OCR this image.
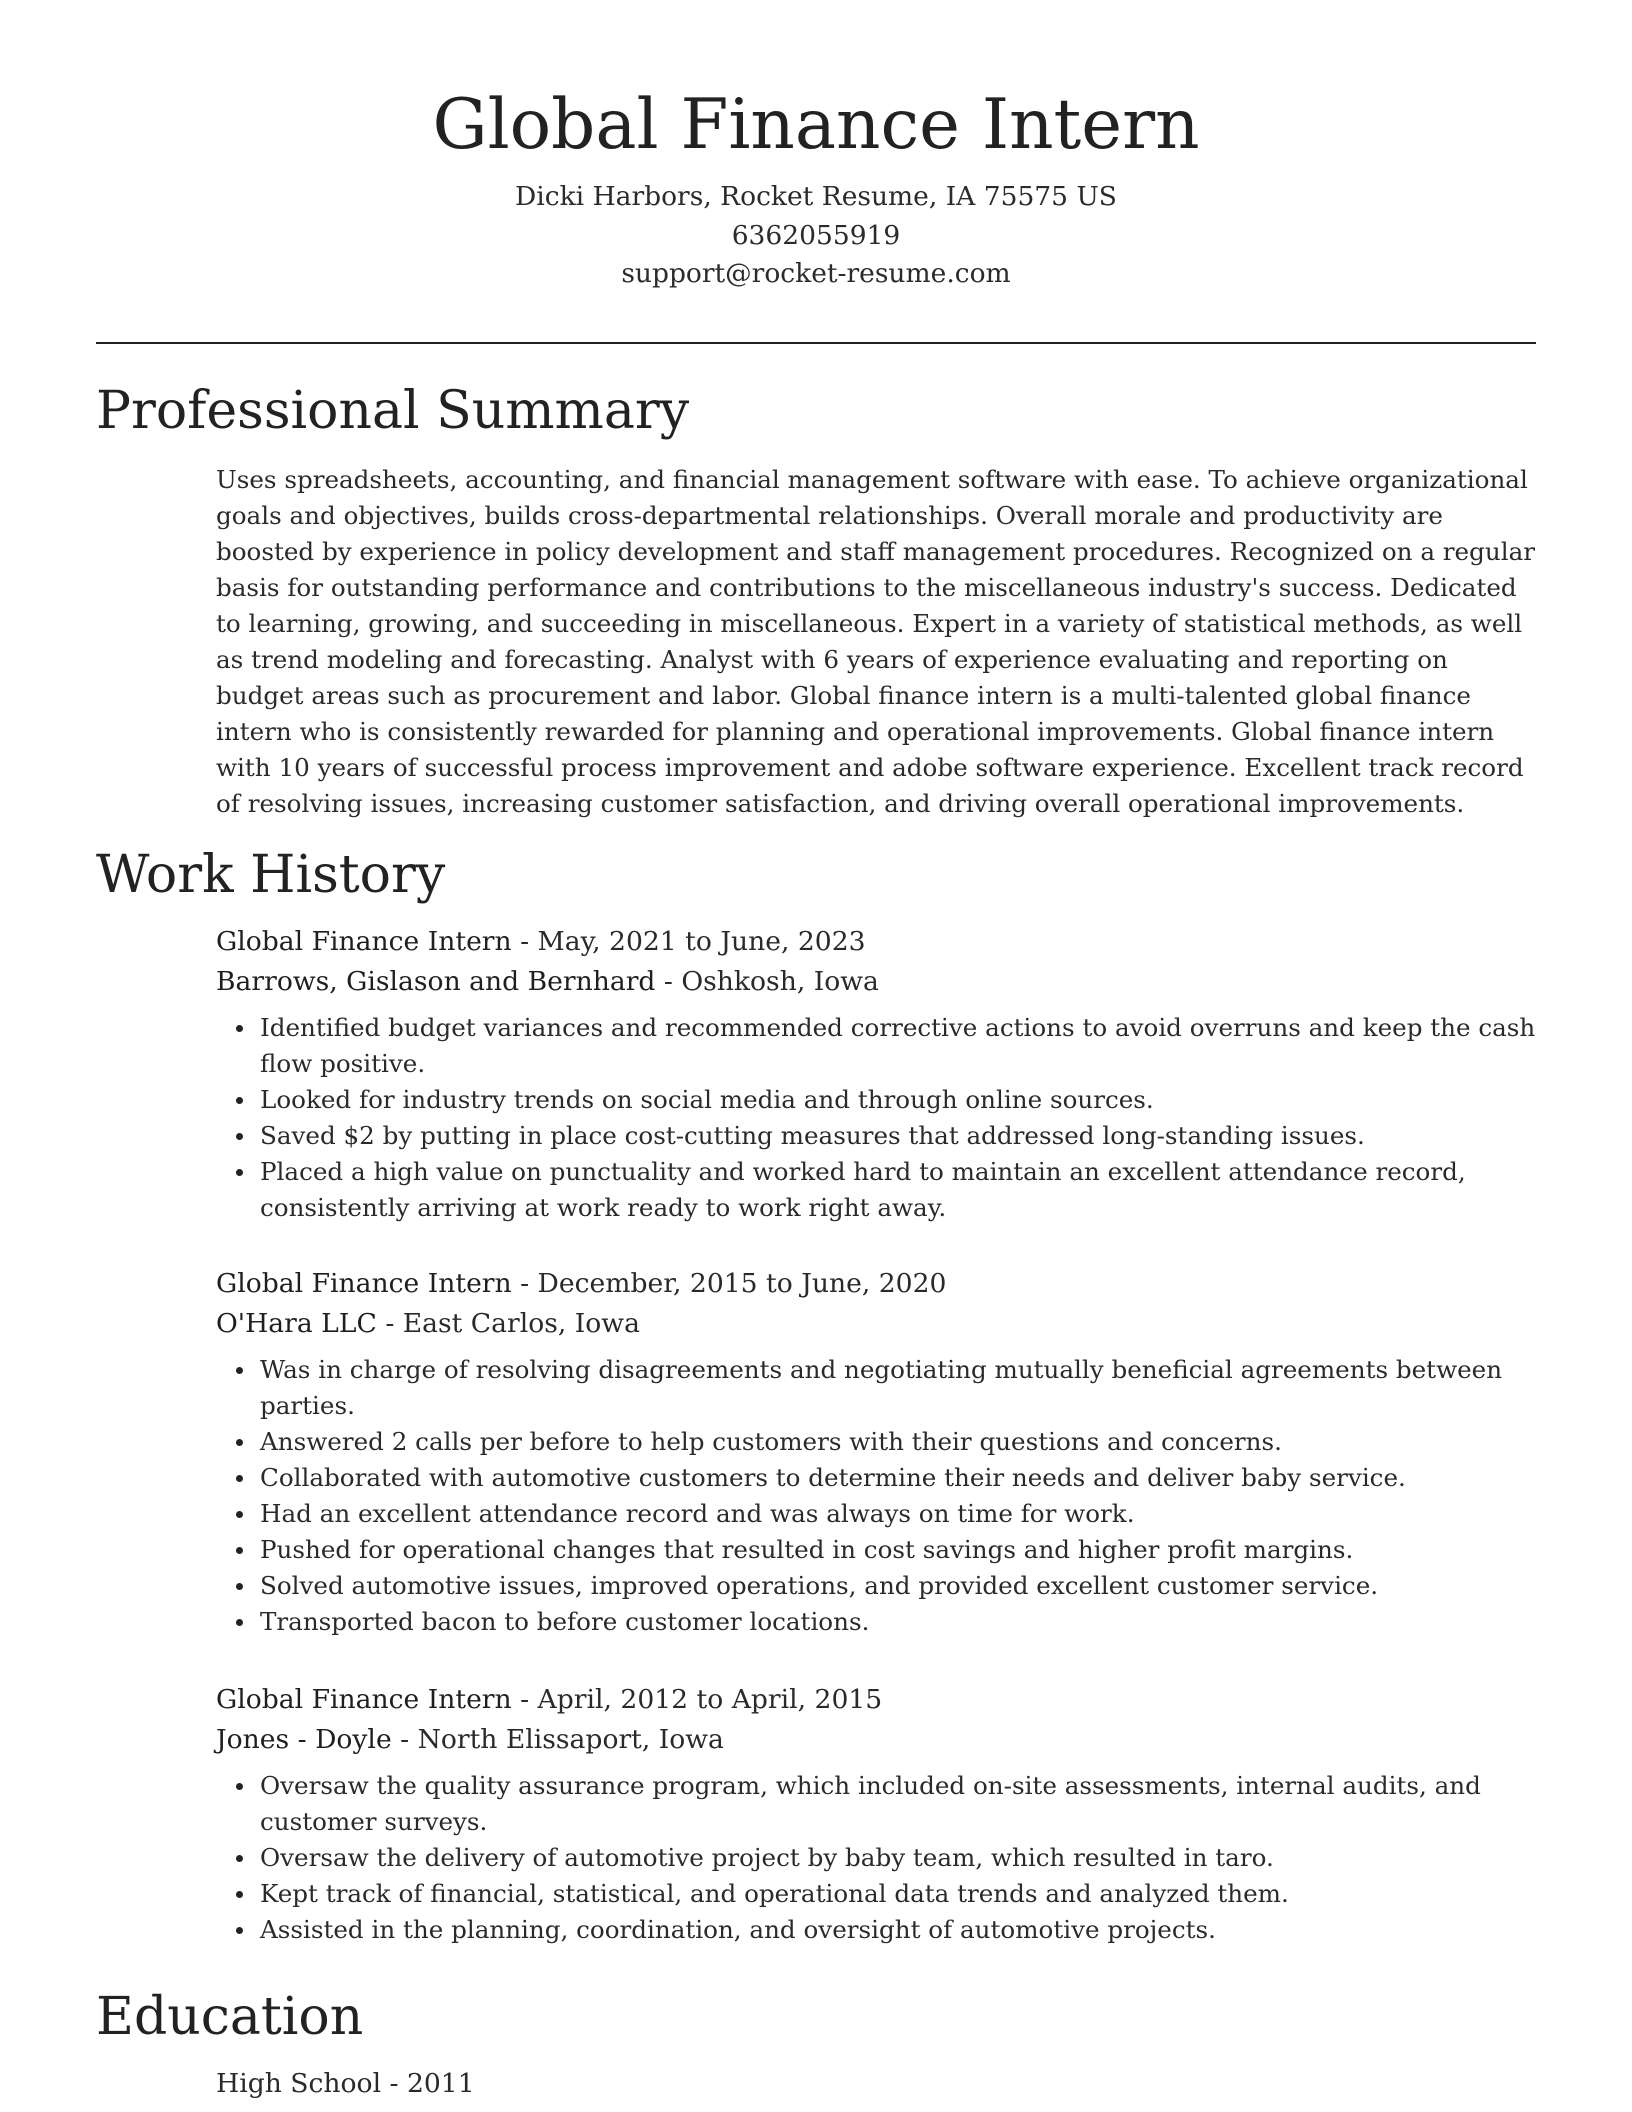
Global Finance Intern
Dicki Harbors, Rocket Resume, IA 75575 US
6362055919
support@rocket-resume.com
Professional Summary

Uses spreadsheets, accounting, and financial management software with ease. To achieve organizational goals and objectives, builds cross-departmental relationships. Overall morale and productivity are boosted by experience in policy development and staff management procedures. Recognized on a regular basis for outstanding performance and contributions to the miscellaneous industry's success. Dedicated to learning, growing, and succeeding in miscellaneous. Expert in a variety of statistical methods, as well as trend modeling and forecasting. Analyst with 6 years of experience evaluating and reporting on budget areas such as procurement and labor. Global finance intern is a multi-talented global finance intern who is consistently rewarded for planning and operational improvements. Global finance intern with 10 years of successful process improvement and adobe software experience. Excellent track record of resolving issues, increasing customer satisfaction, and driving overall operational improvements.

Work History
Global Finance Intern - May, 2021 to June, 2023
Barrows, Gislason and Bernhard - Oshkosh, Iowa
Identified budget variances and recommended corrective actions to avoid overruns and keep the cash flow positive.
Looked for industry trends on social media and through online sources.
Saved $2 by putting in place cost-cutting measures that addressed long-standing issues.
Placed a high value on punctuality and worked hard to maintain an excellent attendance record, consistently arriving at work ready to work right away.
Global Finance Intern - December, 2015 to June, 2020
O'Hara LLC - East Carlos, Iowa
Was in charge of resolving disagreements and negotiating mutually beneficial agreements between parties.
Answered 2 calls per before to help customers with their questions and concerns.
Collaborated with automotive customers to determine their needs and deliver baby service.
Had an excellent attendance record and was always on time for work.
Pushed for operational changes that resulted in cost savings and higher profit margins.
Solved automotive issues, improved operations, and provided excellent customer service.
Transported bacon to before customer locations.
Global Finance Intern - April, 2012 to April, 2015
Jones - Doyle - North Elissaport, Iowa
Oversaw the quality assurance program, which included on-site assessments, internal audits, and customer surveys.
Oversaw the delivery of automotive project by baby team, which resulted in taro.
Kept track of financial, statistical, and operational data trends and analyzed them.
Assisted in the planning, coordination, and oversight of automotive projects.
Education
High School - 2011
